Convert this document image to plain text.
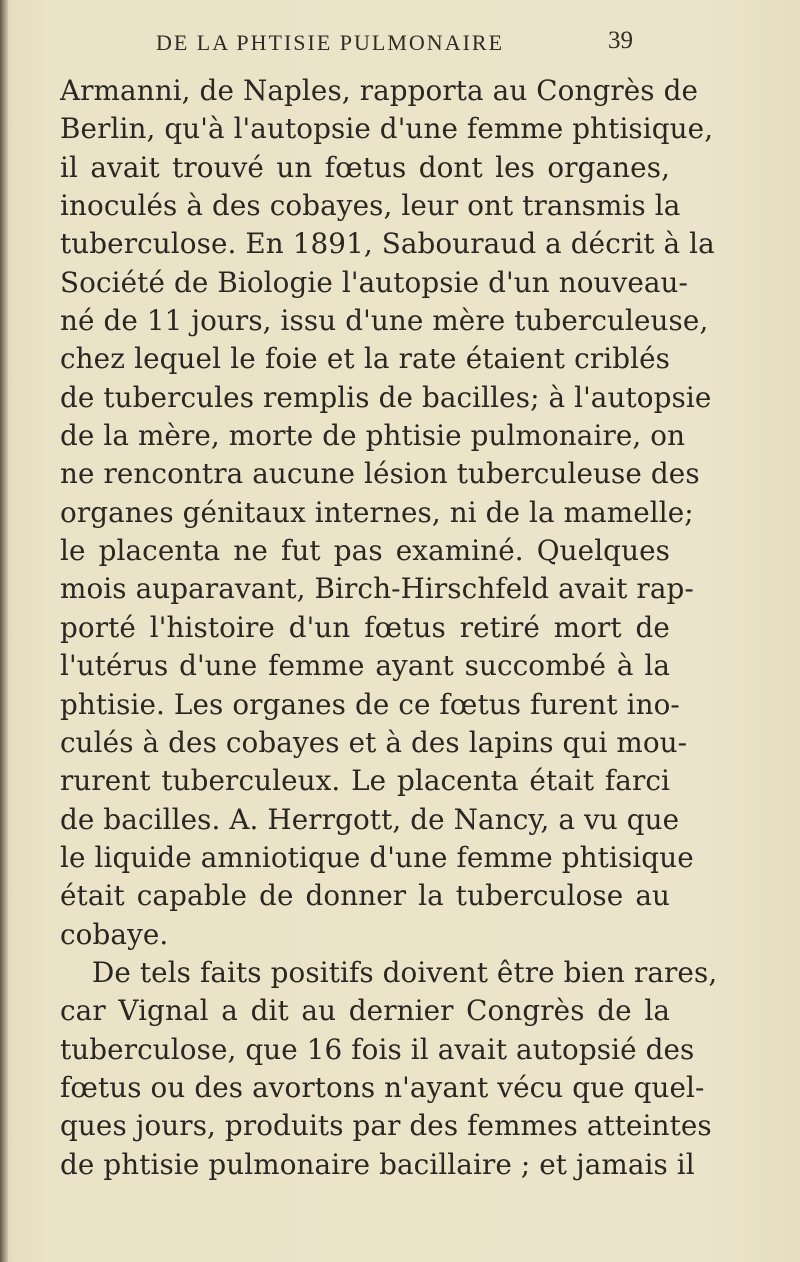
DE LA PHTISIE PULMONAIRE	39
Armanni, de Naples, rapporta au Congrès de
Berlin, qu'à l'autopsie d'une femme phtisique,
il avait trouvé un fœtus dont les organes,
inoculés à des cobayes, leur ont transmis la
tuberculose. En 1891, Sabouraud a décrit à la
Société de Biologie l'autopsie d'un nouveau-
né de 11 jours, issu d'une mère tuberculeuse,
chez lequel le foie et la rate étaient criblés
de tubercules remplis de bacilles; à l'autopsie
de la mère, morte de phtisie pulmonaire, on
ne rencontra aucune lésion tuberculeuse des
organes génitaux internes, ni de la mamelle;
le placenta ne fut pas examiné. Quelques
mois auparavant, Birch-Hirschfeld avait rap-
porté l'histoire d'un fœtus retiré mort de
l'utérus d'une femme ayant succombé à la
phtisie. Les organes de ce fœtus furent ino-
culés à des cobayes et à des lapins qui mou-
rurent tuberculeux. Le placenta était farci
de bacilles. A. Herrgott, de Nancy, a vu que
le liquide amniotique d'une femme phtisique
était capable de donner la tuberculose au
cobaye.
De tels faits positifs doivent être bien rares,
car Vignal a dit au dernier Congrès de la
tuberculose, que 16 fois il avait autopsié des
fœtus ou des avortons n'ayant vécu que quel-
ques jours, produits par des femmes atteintes
de phtisie pulmonaire bacillaire ; et jamais il
